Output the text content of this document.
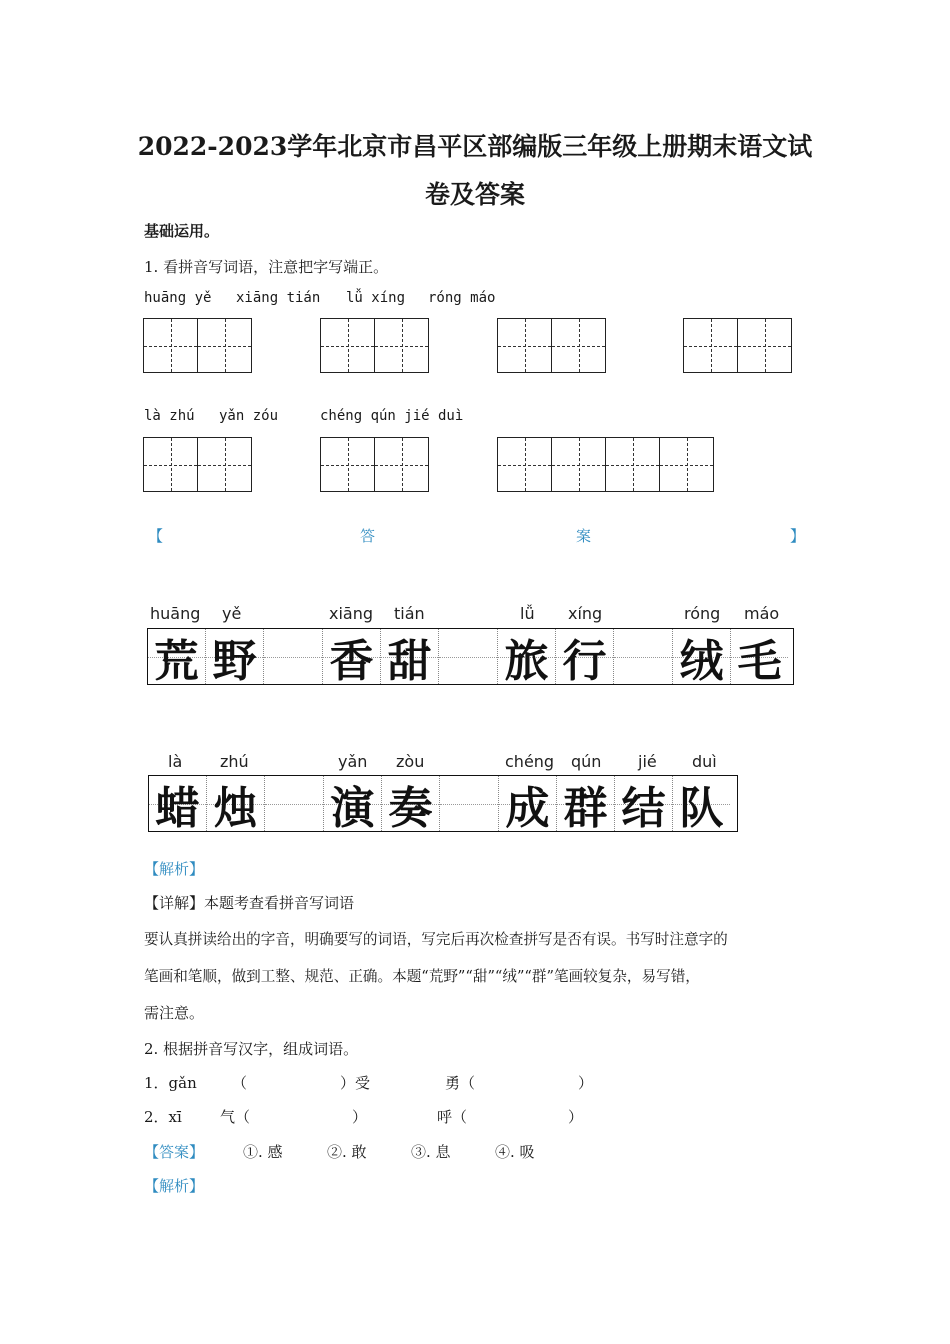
2022-2023学年北京市昌平区部编版三年级上册期末语文试
卷及答案
基础运用。
1. 看拼音写词语，注意把字写端正。
huāng yě xiāng tián lǚ xíng róng máo
là zhú yǎn zóu	chéng qún jié duì
【	答	案	】
huāng yě	xiāng tián	lǚ xíng	róng máo
荒 野 香 甜 旅 行 绒 毛
là zhú	yǎn zòu	chéng qún jié duì
蜡 烛 演 奏 成 群 结 队
【解析】
【详解】本题考查看拼音写词语
要认真拼读给出的字音，明确要写的词语，写完后再次检查拼写是否有误。书写时注意字的
笔画和笔顺，做到工整、规范、正确。本题“荒野”“甜”“绒”“群”笔画较复杂，易写错，
需注意。
2. 根据拼音写汉字，组成词语。
1．gǎn （	）受	勇（	）
2．xī	气（	）	呼（	）
【答案】	①. 感	②. 敢	③. 息	④. 吸
【解析】
